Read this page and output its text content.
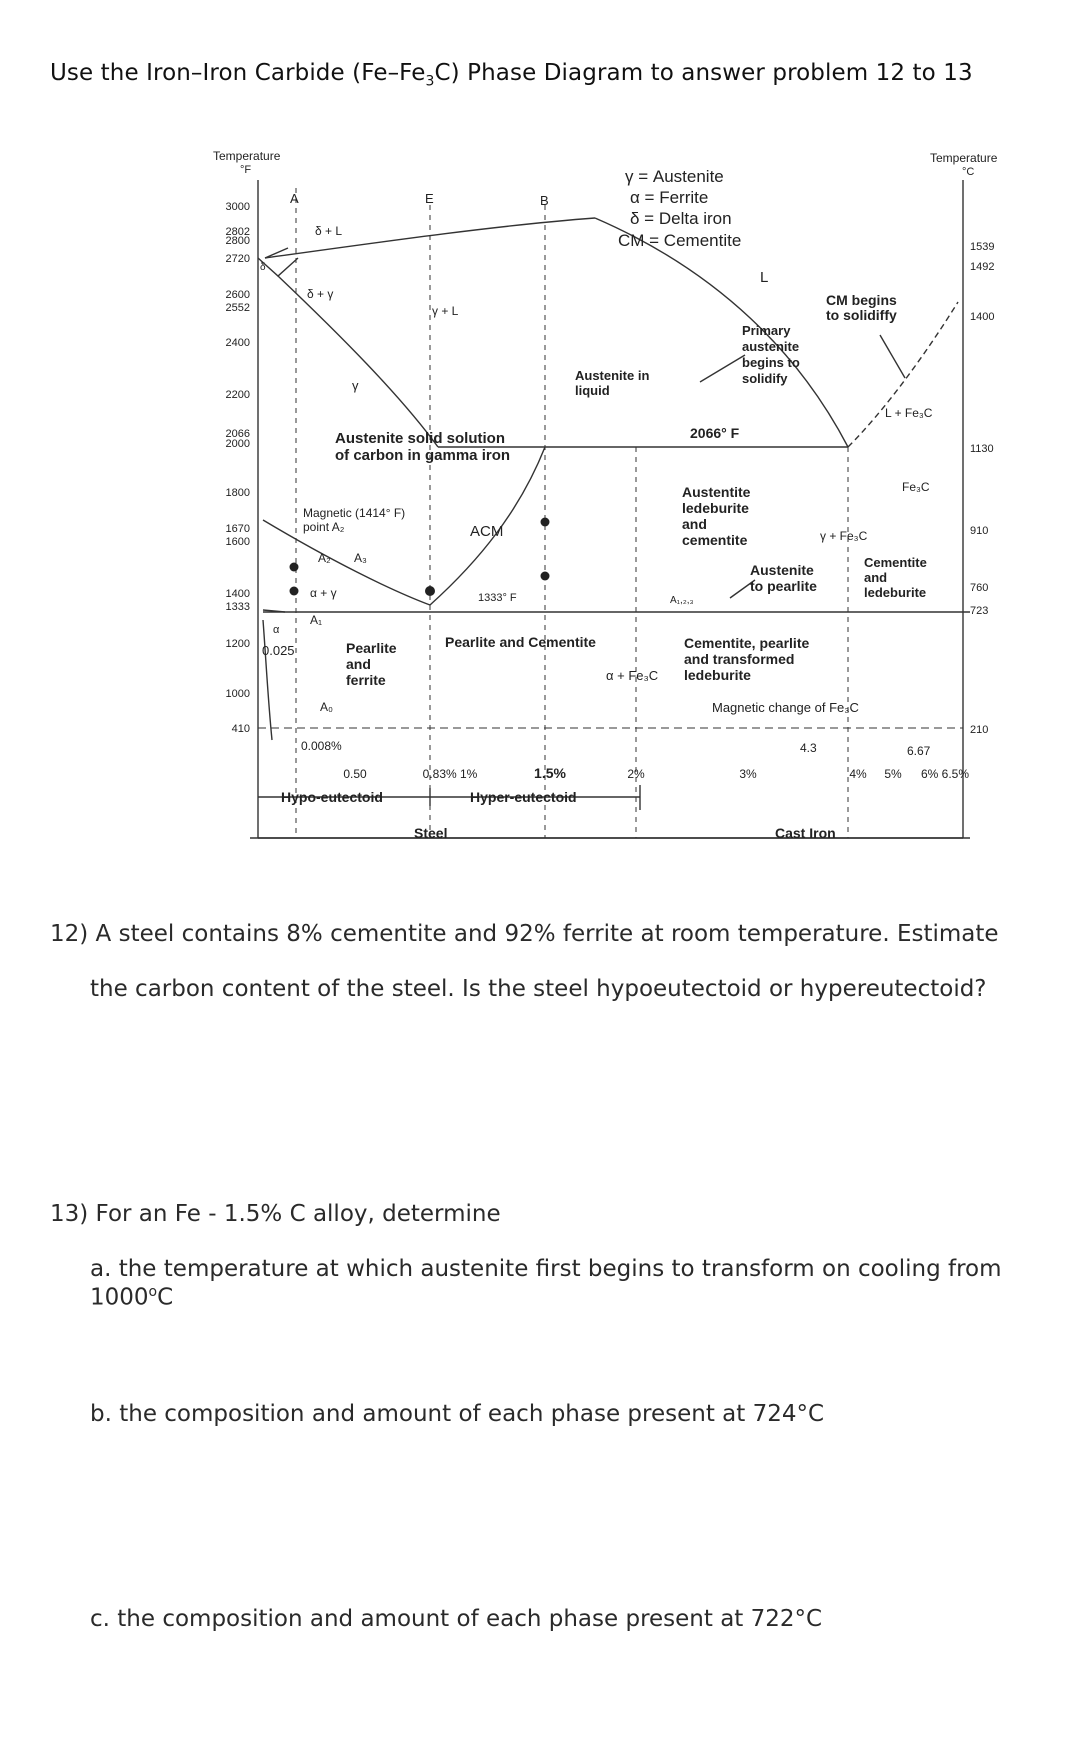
Use the Iron–Iron Carbide $(Fe-Fe_3C)$ Phase Diagram to answer problem 12 to 13
Temperature
°F
3000
2802
2800
2720
2600
2552
2400
2200
2066
2000
1800
1670
1600
1400
1333
1200
1000
410
Temperature
°C
1539
1492
1400
1130
910
760
723
210
0.50	0.83% 1%	1.5%	2%	3%	4% 5% 6% 6.5%
A	E	B
L
δ
α
γ = Austenite
α = Ferrite
δ = Delta iron
CM = Cementite
δ + L
δ + γ
γ + L
γ
Austenite solid solution
of carbon in gamma iron
Austenite in
liquid
Primary
austenite
begins to
solidify
CM begins
to solidiffy
2066° F
Austentite
ledeburite
and
cementite
Cementite
and
ledeburite
Austenite
to pearlite
Pearlite
and
ferrite
Pearlite and Cementite	Cementite, pearlite
and transformed
ledeburite
L + Fe₃C
Fe₃C
γ + Fe₃C
Magnetic (1414° F)
point A₂	ACM
A₂ A₃
α + γ
A₁
1333° F	A₁,₂,₃
0.025
α + Fe₃C
Magnetic change of Fe₃C
A₀
0.008%	4.3	6.67
Hypo-eutectoid	Hyper-eutectoid
Steel	Cast Iron
12) A steel contains 8% cementite and 92% ferrite at room temperature. Estimate
the carbon content of the steel. Is the steel hypoeutectoid or hypereutectoid?
13) For an Fe - 1.5% C alloy, determine
a. the temperature at which austenite first begins to transform on cooling from 1000$^o$C
b. the composition and amount of each phase present at 724°C
c. the composition and amount of each phase present at 722°C
